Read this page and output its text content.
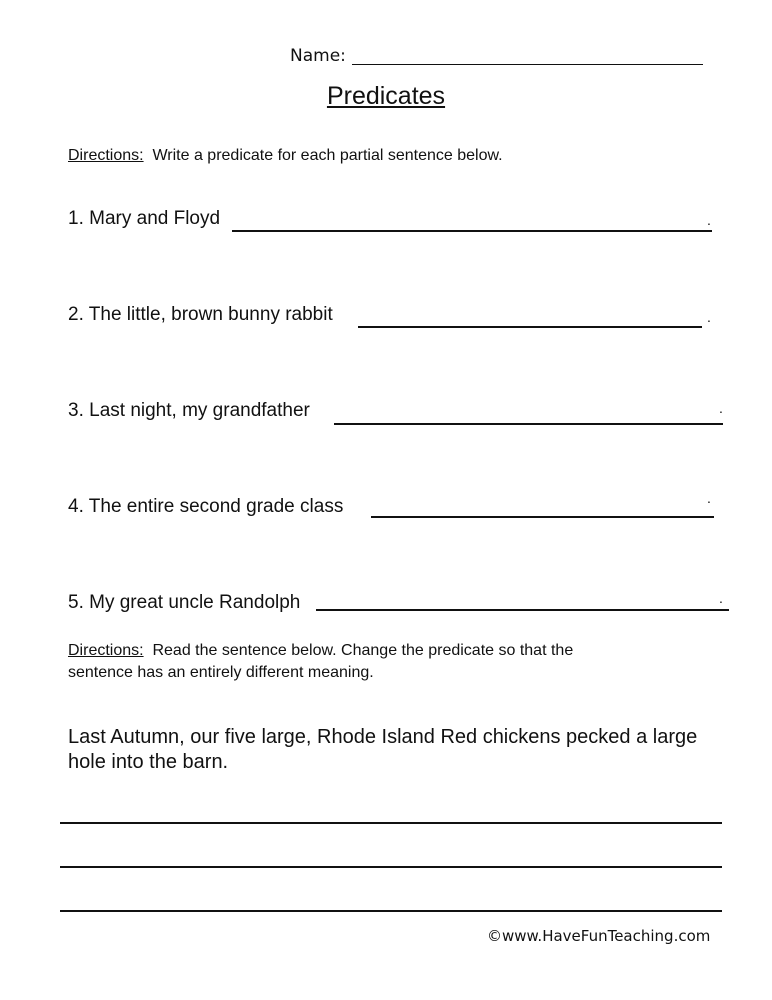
Name:
Predicates
Directions: Write a predicate for each partial sentence below.
1. Mary and Floyd	.
2. The little, brown bunny rabbit	.
3. Last night, my grandfather	.
4. The entire second grade class	.
5. My great uncle Randolph	.
Directions: Read the sentence below. Change the predicate so that the
sentence has an entirely different meaning.
Last Autumn, our five large, Rhode Island Red chickens pecked a large
hole into the barn.
©www.HaveFunTeaching.com
